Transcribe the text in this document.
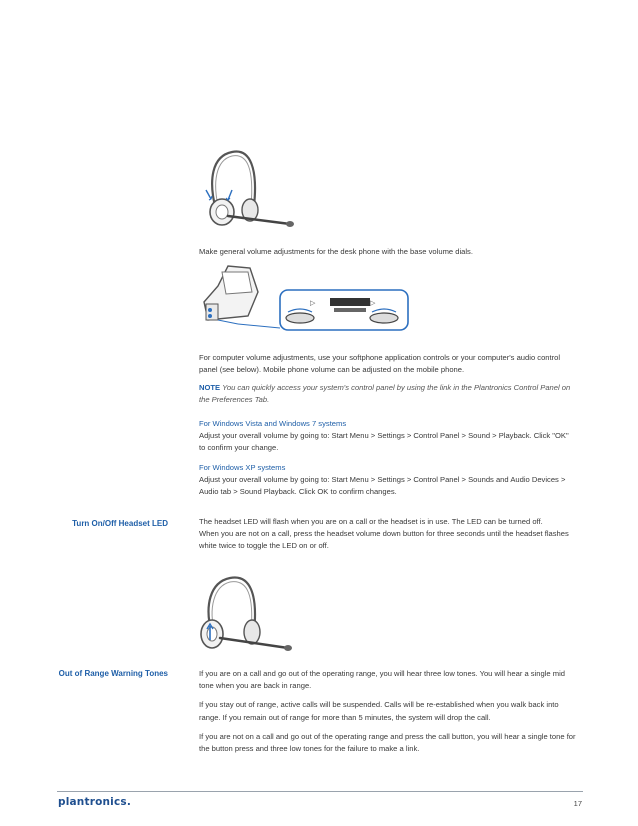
Make general volume adjustments for the desk phone with the base volume dials.

▷	▷

For computer volume adjustments, use your softphone application controls or your computer's audio control panel (see below). Mobile phone volume can be adjusted on the mobile phone.

NOTE You can quickly access your system's control panel by using the link in the Plantronics Control Panel on the Preferences Tab.

For Windows Vista and Windows 7 systems

Adjust your overall volume by going to: Start Menu > Settings > Control Panel > Sound > Playback. Click "OK" to confirm your change.

For Windows XP systems

Adjust your overall volume by going to: Start Menu > Settings > Control Panel > Sounds and Audio Devices > Audio tab > Sound Playback. Click OK to confirm changes.

Turn On/Off Headset LED	The headset LED will flash when you are on a call or the headset is in use. The LED can be turned off.

When you are not on a call, press the headset volume down button for three seconds until the headset flashes white twice to toggle the LED on or off.

Out of Range Warning Tones	If you are on a call and go out of the operating range, you will hear three low tones. You will hear a single mid tone when you are back in range.

If you stay out of range, active calls will be suspended. Calls will be re-established when you walk back into range. If you remain out of range for more than 5 minutes, the system will drop the call.

If you are not on a call and go out of the operating range and press the call button, you will hear a single tone for the button press and three low tones for the failure to make a link.

plantronics.	17
